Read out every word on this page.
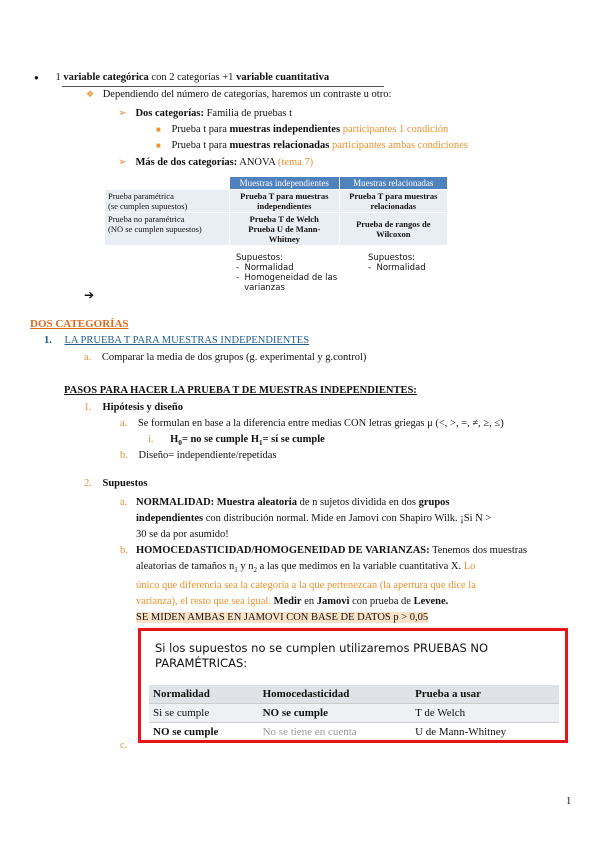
● 1 variable categórica con 2 categorías +1 variable cuantitativa
❖ Dependiendo del número de categorías, haremos un contraste u otro:
➢ Dos categorías: Familia de pruebas t
■ Prueba t para muestras independientes participantes 1 condición
■ Prueba t para muestras relacionadas participantes ambas condiciones
➢ Más de dos categorías: ANOVA (tema 7)
	Muestras independientes	Muestras relacionadas
Prueba paramétrica
(se cumplen supuestos)	Prueba T para muestras
independientes	Prueba T para muestras
relacionadas
Prueba no paramétrica
(NO se cumplen supuestos)	Prueba T de Welch
Prueba U de Mann-
Whitney	Prueba de rangos de
Wilcoxon
Supuestos:
-  Normalidad
-  Homogeneidad de las
varianzas
Supuestos:
-  Normalidad
➔
DOS CATEGORÍAS
1. LA PRUEBA T PARA MUESTRAS INDEPENDIENTES
a. Comparar la media de dos grupos (g. experimental y g.control)
PASOS PARA HACER LA PRUEBA T DE MUESTRAS INDEPENDIENTES:
1. Hipótesis y diseño
a. Se formulan en base a la diferencia entre medias CON letras griegas μ (<, >, =, ≠, ≥, ≤)
i. $H_0=$ no se cumple $H_1=$ sí se cumple
b. Diseño= independiente/repetidas
2. Supuestos
a. NORMALIDAD: Muestra aleatoria de n sujetos dividida en dos grupos
independientes con distribución normal. Mide en Jamovi con Shapiro Wilk. ¡Si N >
30 se da por asumido!
b. HOMOCEDASTICIDAD/HOMOGENEIDAD DE VARIANZAS: Tenemos dos muestras
aleatorias de tamaños $n_1$ y $n_2$ a las que medimos en la variable cuantitativa X. Lo
único que diferencia sea la categoría a la que pertenezcan (la apertura que dice la
varianza), el resto que sea igual. Medir en Jamovi con prueba de Levene.
SE MIDEN AMBAS EN JAMOVI CON BASE DE DATOS p > 0,05
Si los supuestos no se cumplen utilizaremos PRUEBAS NO PARAMÉTRICAS:
Normalidad	Homocedasticidad	Prueba a usar
Si se cumple	NO se cumple	T de Welch
NO se cumple	No se tiene en cuenta	U de Mann-Whitney
c.
1
